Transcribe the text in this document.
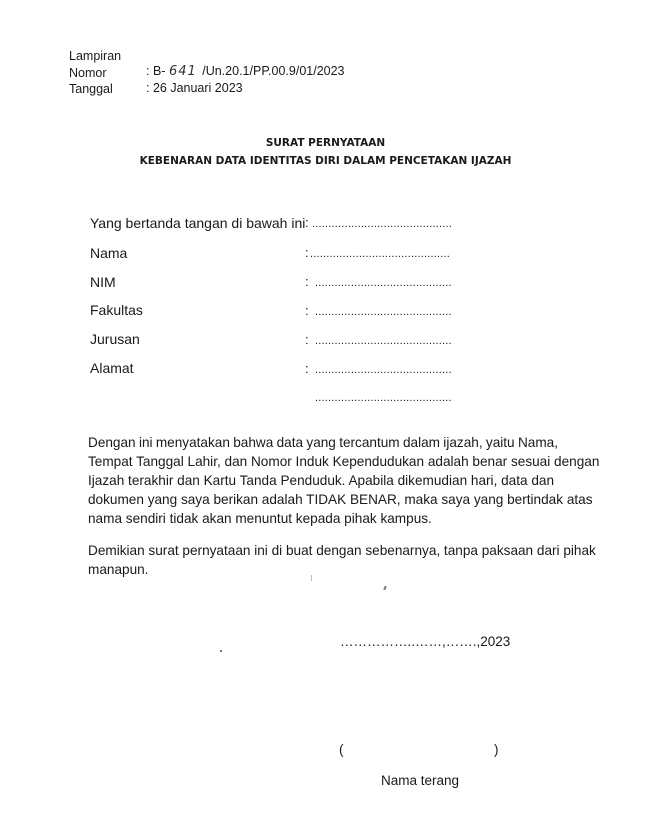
Lampiran
Nomor	: B- 641 /Un.20.1/PP.00.9/01/2023
Tanggal	: 26 Januari 2023
SURAT PERNYATAAN
KEBENARAN DATA IDENTITAS DIRI DALAM PENCETAKAN IJAZAH
Yang bertanda tangan di bawah ini : ...........................................
Nama	: ...........................................
NIM	: ..........................................
Fakultas	: ..........................................
Jurusan	: ..........................................
Alamat	: ..........................................
..........................................
Dengan ini menyatakan bahwa data yang tercantum dalam ijazah, yaitu Nama,
Tempat Tanggal Lahir, dan Nomor Induk Kependudukan adalah benar sesuai dengan
Ijazah terakhir dan Kartu Tanda Penduduk. Apabila dikemudian hari, data dan
dokumen yang saya berikan adalah TIDAK BENAR, maka saya yang bertindak atas
nama sendiri tidak akan menuntut kepada pihak kampus.
Demikian surat pernyataan ini di buat dengan sebenarnya, tanpa paksaan dari pihak
manapun.
……………..……,…….,2023
(	)
Nama terang
